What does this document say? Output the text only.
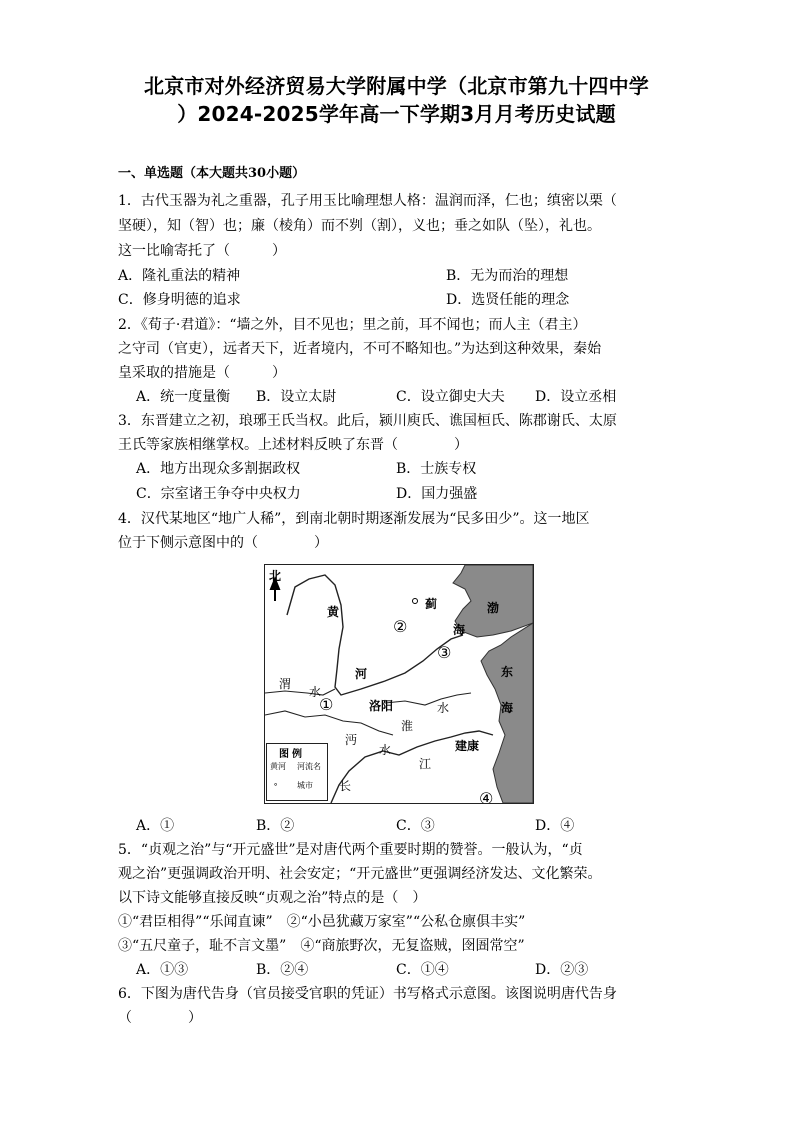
北京市对外经济贸易大学附属中学（北京市第九十四中学
）2024-2025学年高一下学期3月月考历史试题
一、单选题（本大题共30小题）
1．古代玉器为礼之重器，孔子用玉比喻理想人格：温润而泽，仁也；缜密以栗（
坚硬），知（智）也；廉（棱角）而不刿（割），义也；垂之如队（坠），礼也。
这一比喻寄托了（　　　）
A．隆礼重法的精神	B．无为而治的理想
C．修身明德的追求	D．选贤任能的理念
2．《荀子·君道》：“墙之外，目不见也；里之前，耳不闻也；而人主（君主）
之守司（官吏），远者天下，近者境内，不可不略知也。”为达到这种效果，秦始
皇采取的措施是（　　　）
A．统一度量衡 B．设立太尉	C．设立御史大夫 D．设立丞相
3．东晋建立之初，琅琊王氏当权。此后，颍川庾氏、谯国桓氏、陈郡谢氏、太原
王氏等家族相继掌权。上述材料反映了东晋（　　　　）
A．地方出现众多割据政权	B．士族专权
C．宗室诸王争夺中央权力	D．国力强盛
4．汉代某地区“地广人稀”，到南北朝时期逐渐发展为“民多田少”。这一地区
位于下侧示意图中的（　　　　）
北
黄
河
渭
水
蓟	渤
海
东
海
洛阳
淮
水
沔
水
江
建康
长
①
②
③
④
图例
黄河 河流名
∘ 城市
A．①	B．②	C．③	D．④
5．“贞观之治”与“开元盛世”是对唐代两个重要时期的赞誉。一般认为，“贞
观之治”更强调政治开明、社会安定；“开元盛世”更强调经济发达、文化繁荣。
以下诗文能够直接反映“贞观之治”特点的是（　）
①“君臣相得”“乐闻直谏”　②“小邑犹藏万家室”“公私仓廪俱丰实”
③“五尺童子，耻不言文墨”　④“商旅野次，无复盗贼，囹圄常空”
A．①③	B．②④	C．①④	D．②③
6．下图为唐代告身（官员接受官职的凭证）书写格式示意图。该图说明唐代告身
（　　　　）
